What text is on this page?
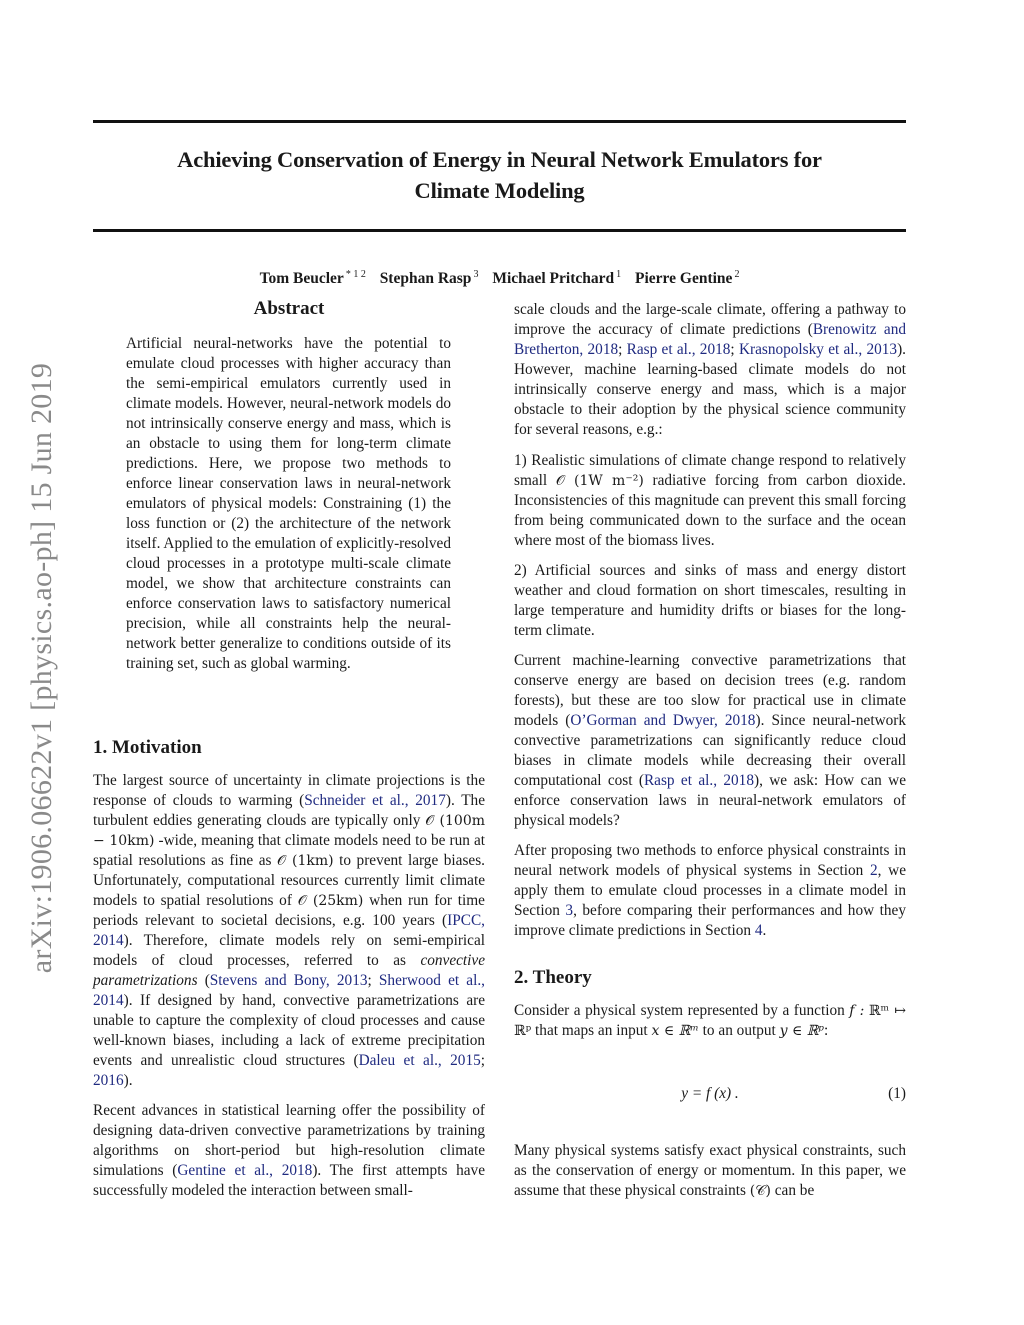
arXiv:1906.06622v1 [physics.ao-ph] 15 Jun 2019
Achieving Conservation of Energy in Neural Network Emulators for
Climate Modeling
Tom Beucler $^{* 1 2}$ Stephan Rasp $^3$ Michael Pritchard $^1$ Pierre Gentine $^2$
Abstract

Artificial neural-networks have the potential to emulate cloud processes with higher accuracy than the semi-empirical emulators currently used in climate models. However, neural-network models do not intrinsically conserve energy and mass, which is an obstacle to using them for long-term climate predictions. Here, we propose two methods to enforce linear conservation laws in neural-network emulators of physical models: Constraining (1) the loss function or (2) the architecture of the network itself. Applied to the emulation of explicitly-resolved cloud processes in a prototype multi-scale climate model, we show that architecture constraints can enforce conservation laws to satisfactory numerical precision, while all constraints help the neural-network better generalize to conditions outside of its training set, such as global warming.

1. Motivation

The largest source of uncertainty in climate projections is the response of clouds to warming (Schneider et al., 2017). The turbulent eddies generating clouds are typically only 𝒪 (100m − 10km) -wide, meaning that climate models need to be run at spatial resolutions as fine as 𝒪 (1km) to prevent large biases. Unfortunately, computational resources currently limit climate models to spatial resolutions of 𝒪 (25km) when run for time periods relevant to societal decisions, e.g. 100 years (IPCC, 2014). Therefore, climate models rely on semi-empirical models of cloud processes, referred to as convective parametrizations (Stevens and Bony, 2013; Sherwood et al., 2014). If designed by hand, convective parametrizations are unable to capture the complexity of cloud processes and cause well-known biases, including a lack of extreme precipitation events and unrealistic cloud structures (Daleu et al., 2015; 2016).

Recent advances in statistical learning offer the possibility of designing data-driven convective parametrizations by training algorithms on short-period but high-resolution climate simulations (Gentine et al., 2018). The first attempts have successfully modeled the interaction between small-

scale clouds and the large-scale climate, offering a pathway to improve the accuracy of climate predictions (Brenowitz and Bretherton, 2018; Rasp et al., 2018; Krasnopolsky et al., 2013). However, machine learning-based climate models do not intrinsically conserve energy and mass, which is a major obstacle to their adoption by the physical science community for several reasons, e.g.:

1) Realistic simulations of climate change respond to relatively small 𝒪 (1W m⁻²) radiative forcing from carbon dioxide. Inconsistencies of this magnitude can prevent this small forcing from being communicated down to the surface and the ocean where most of the biomass lives.

2) Artificial sources and sinks of mass and energy distort weather and cloud formation on short timescales, resulting in large temperature and humidity drifts or biases for the long-term climate.

Current machine-learning convective parametrizations that conserve energy are based on decision trees (e.g. random forests), but these are too slow for practical use in climate models (O’Gorman and Dwyer, 2018). Since neural-network convective parametrizations can significantly reduce cloud biases in climate models while decreasing their overall computational cost (Rasp et al., 2018), we ask: How can we enforce conservation laws in neural-network emulators of physical models?

After proposing two methods to enforce physical constraints in neural network models of physical systems in Section 2, we apply them to emulate cloud processes in a climate model in Section 3, before comparing their performances and how they improve climate predictions in Section 4.

2. Theory

Consider a physical system represented by a function f : ℝᵐ ↦ ℝᵖ that maps an input x ∈ ℝᵐ to an output y ∈ ℝᵖ:

y = f (x) .	(1)

Many physical systems satisfy exact physical constraints, such as the conservation of energy or momentum. In this paper, we assume that these physical constraints (𝒞) can be
